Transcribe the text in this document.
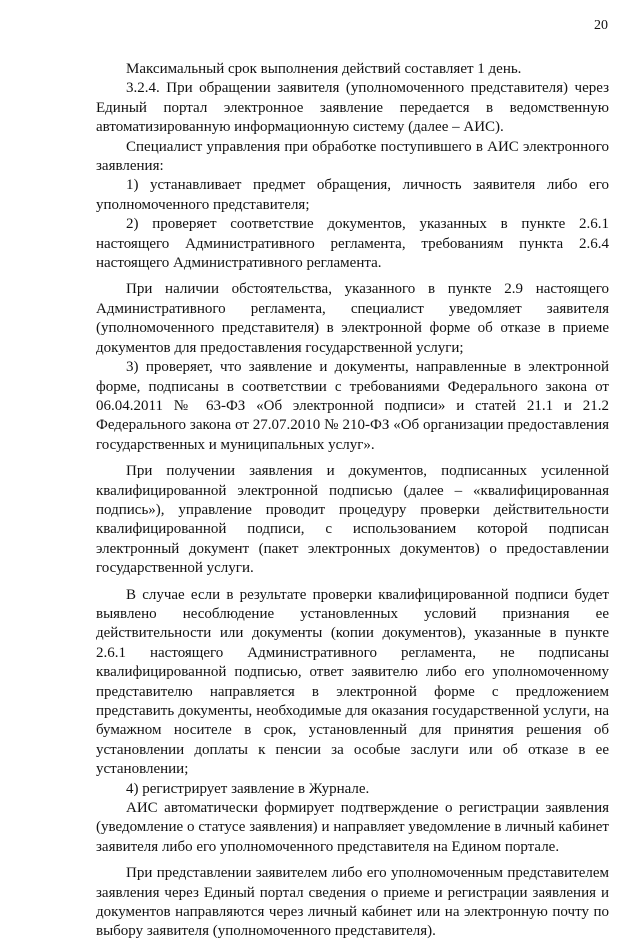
20

Максимальный срок выполнения действий составляет 1 день.

3.2.4. При обращении заявителя (уполномоченного представителя) через Единый портал электронное заявление передается в ведомственную автоматизированную информационную систему (далее – АИС).

Специалист управления при обработке поступившего в АИС электронного заявления:

1) устанавливает предмет обращения, личность заявителя либо его уполномоченного представителя;

2) проверяет соответствие документов, указанных в пункте 2.6.1 настоящего Административного регламента, требованиям пункта 2.6.4 настоящего Административного регламента.

При наличии обстоятельства, указанного в пункте 2.9 настоящего Административного регламента, специалист уведомляет заявителя (уполномоченного представителя) в электронной форме об отказе в приеме документов для предоставления государственной услуги;

3) проверяет, что заявление и документы, направленные в электронной форме, подписаны в соответствии с требованиями Федерального закона от 06.04.2011 № 63-ФЗ «Об электронной подписи» и статей 21.1 и 21.2 Федерального закона от 27.07.2010 № 210-ФЗ «Об организации предоставления государственных и муниципальных услуг».

При получении заявления и документов, подписанных усиленной квалифицированной электронной подписью (далее – «квалифицированная подпись»), управление проводит процедуру проверки действительности квалифицированной подписи, с использованием которой подписан электронный документ (пакет электронных документов) о предоставлении государственной услуги.

В случае если в результате проверки квалифицированной подписи будет выявлено несоблюдение установленных условий признания ее действительности или документы (копии документов), указанные в пункте 2.6.1 настоящего Административного регламента, не подписаны квалифицированной подписью, ответ заявителю либо его уполномоченному представителю направляется в электронной форме с предложением представить документы, необходимые для оказания государственной услуги, на бумажном носителе в срок, установленный для принятия решения об установлении доплаты к пенсии за особые заслуги или об отказе в ее установлении;

4) регистрирует заявление в Журнале.

АИС автоматически формирует подтверждение о регистрации заявления (уведомление о статусе заявления) и направляет уведомление в личный кабинет заявителя либо его уполномоченного представителя на Едином портале.

При представлении заявителем либо его уполномоченным представителем заявления через Единый портал сведения о приеме и регистрации заявления и документов направляются через личный кабинет или на электронную почту по выбору заявителя (уполномоченного представителя).
